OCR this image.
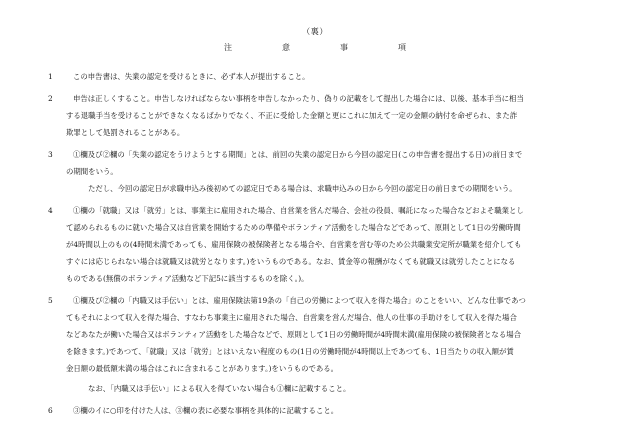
（裏）
注	意	事	項
1	この申告書は、失業の認定を受けるときに、必ず本人が提出すること。
2	申告は正しくすること。申告しなければならない事柄を申告しなかったり、偽りの記載をして提出した場合には、以後、基本手当に相当
する退職手当を受けることができなくなるばかりでなく、不正に受給した金額と更にこれに加えて一定の金額の納付を命ぜられ、また詐
欺罪として処罰されることがある。
3	①欄及び②欄の「失業の認定をうけようとする期間」とは、前回の失業の認定日から今回の認定日(この申告書を提出する日)の前日まで
の期間をいう。
ただし、今回の認定日が求職申込み後初めての認定日である場合は、求職申込みの日から今回の認定日の前日までの期間をいう。
4	①欄の「就職」又は「就労」とは、事業主に雇用された場合、自営業を営んだ場合、会社の役員、嘱託になった場合などおよそ職業とし
て認められるものに就いた場合又は自営業を開始するための準備やボランティア活動をした場合などであって、原則として1日の労働時間
が4時間以上のもの(4時間未満であっても、雇用保険の被保険者となる場合や、自営業を営む等のため公共職業安定所が職業を紹介しても
すぐには応じられない場合は就職又は就労となります。)をいうものである。なお、賃金等の報酬がなくても就職又は就労したことになる
ものである(無償のボランティア活動など下記5に該当するものを除く。)。
5	①欄及び②欄の「内職又は手伝い」とは、雇用保険法第19条の「自己の労働によつて収入を得た場合」のことをいい、どんな仕事であつ
てもそれによつて収入を得た場合、すなわち事業主に雇用された場合、自営業を営んだ場合、他人の仕事の手助けをして収入を得た場合
などあなたが働いた場合又はボランティア活動をした場合などで、原則として1日の労働時間が4時間未満(雇用保険の被保険者となる場合
を除きます。)であつて、「就職」又は「就労」とはいえない程度のもの(1日の労働時間が4時間以上であつても、1日当たりの収入額が賃
金日額の最低額未満の場合はこれに含まれることがあります。)をいうものである。
なお、「内職又は手伝い」による収入を得ていない場合も①欄に記載すること。
6	③欄のイに○印を付けた人は、③欄の表に必要な事柄を具体的に記載すること。
